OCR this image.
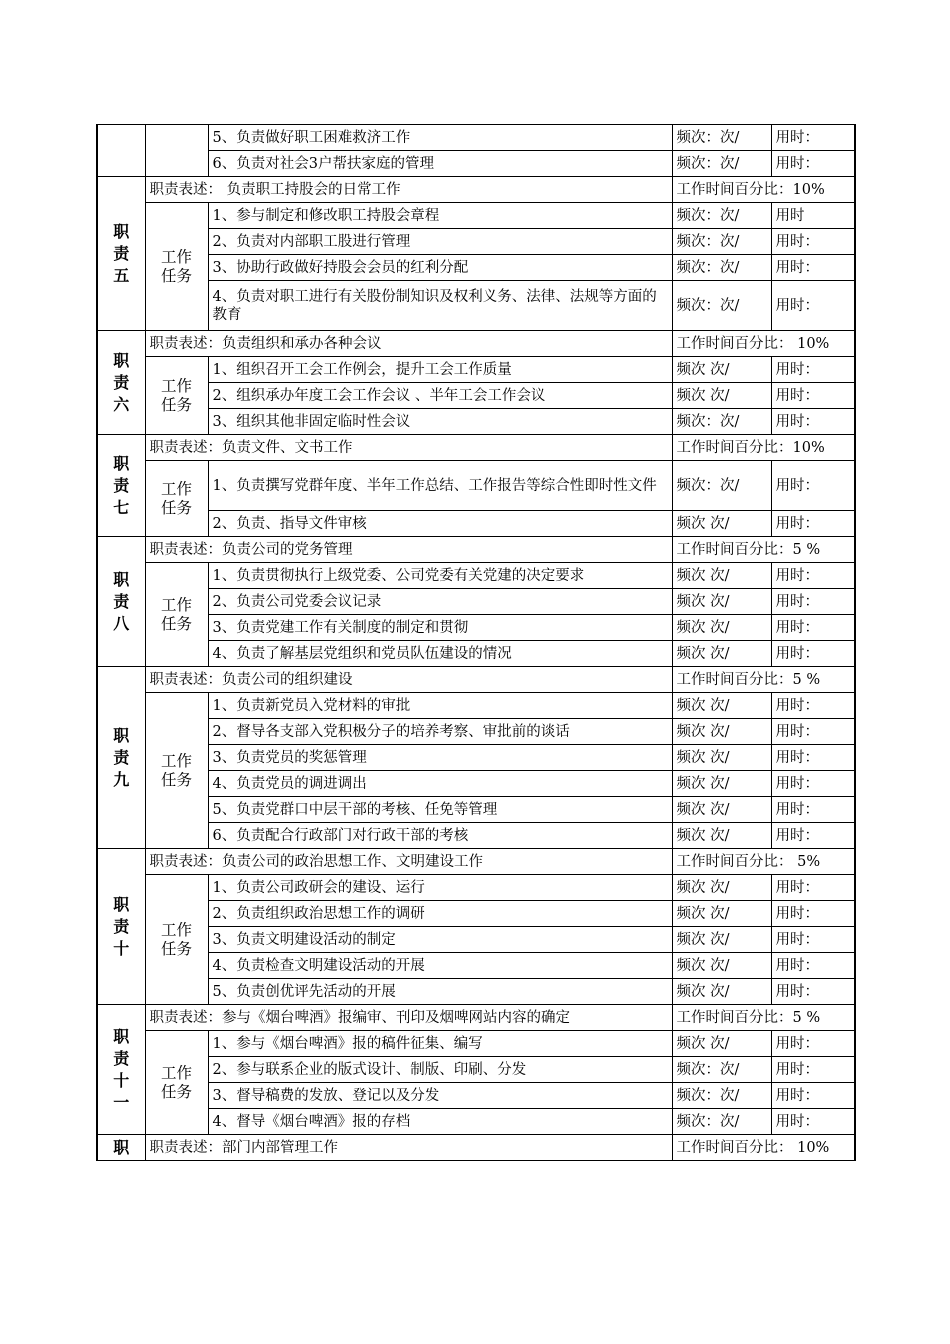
		5、负责做好职工困难救济工作	频次：次/	用时：
		6、负责对社会3户帮扶家庭的管理	频次：次/	用时：
职责五	职责表述： 负责职工持股会的日常工作		工作时间百分比：10%	
	工作任务	1、参与制定和修改职工持股会章程	频次：次/	用时
		2、负责对内部职工股进行管理	频次：次/	用时：
		3、协助行政做好持股会会员的红利分配	频次：次/	用时：
		4、负责对职工进行有关股份制知识及权利义务、法律、法规等方面的教育	频次：次/	用时：
职责六	职责表述：负责组织和承办各种会议		工作时间百分比： 10%	
	工作任务	1、组织召开工会工作例会，提升工会工作质量	频次 次/	用时：
		2、组织承办年度工会工作会议 、半年工会工作会议	频次 次/	用时：
		3、组织其他非固定临时性会议	频次：次/	用时：
职责七	职责表述：负责文件、文书工作		工作时间百分比：10%	
	工作任务	1、负责撰写党群年度、半年工作总结、工作报告等综合性即时性文件	频次：次/	用时：
		2、负责、指导文件审核	频次 次/	用时：
职责八	职责表述：负责公司的党务管理		工作时间百分比：5 %	
	工作任务	1、负责贯彻执行上级党委、公司党委有关党建的决定要求	频次 次/	用时：
		2、负责公司党委会议记录	频次 次/	用时：
		3、负责党建工作有关制度的制定和贯彻	频次 次/	用时：
		4、负责了解基层党组织和党员队伍建设的情况	频次 次/	用时：
职责九	职责表述：负责公司的组织建设		工作时间百分比：5 %	
	工作任务	1、负责新党员入党材料的审批	频次 次/	用时：
		2、督导各支部入党积极分子的培养考察、审批前的谈话	频次 次/	用时：
		3、负责党员的奖惩管理	频次 次/	用时：
		4、负责党员的调进调出	频次 次/	用时：
		5、负责党群口中层干部的考核、任免等管理	频次 次/	用时：
		6、负责配合行政部门对行政干部的考核	频次 次/	用时：
职责十	职责表述：负责公司的政治思想工作、文明建设工作		工作时间百分比： 5%	
	工作任务	1、负责公司政研会的建设、运行	频次 次/	用时：
		2、负责组织政治思想工作的调研	频次 次/	用时：
		3、负责文明建设活动的制定	频次 次/	用时：
		4、负责检查文明建设活动的开展	频次 次/	用时：
		5、负责创优评先活动的开展	频次 次/	用时：
职责十一	职责表述：参与《烟台啤酒》报编审、刊印及烟啤网站内容的确定		工作时间百分比：5 %	
	工作任务	1、参与《烟台啤酒》报的稿件征集、编写	频次 次/	用时：
		2、参与联系企业的版式设计、制版、印刷、分发	频次：次/	用时：
		3、督导稿费的发放、登记以及分发	频次：次/	用时：
		4、督导《烟台啤酒》报的存档	频次：次/	用时：
职	职责表述：部门内部管理工作		工作时间百分比： 10%	
